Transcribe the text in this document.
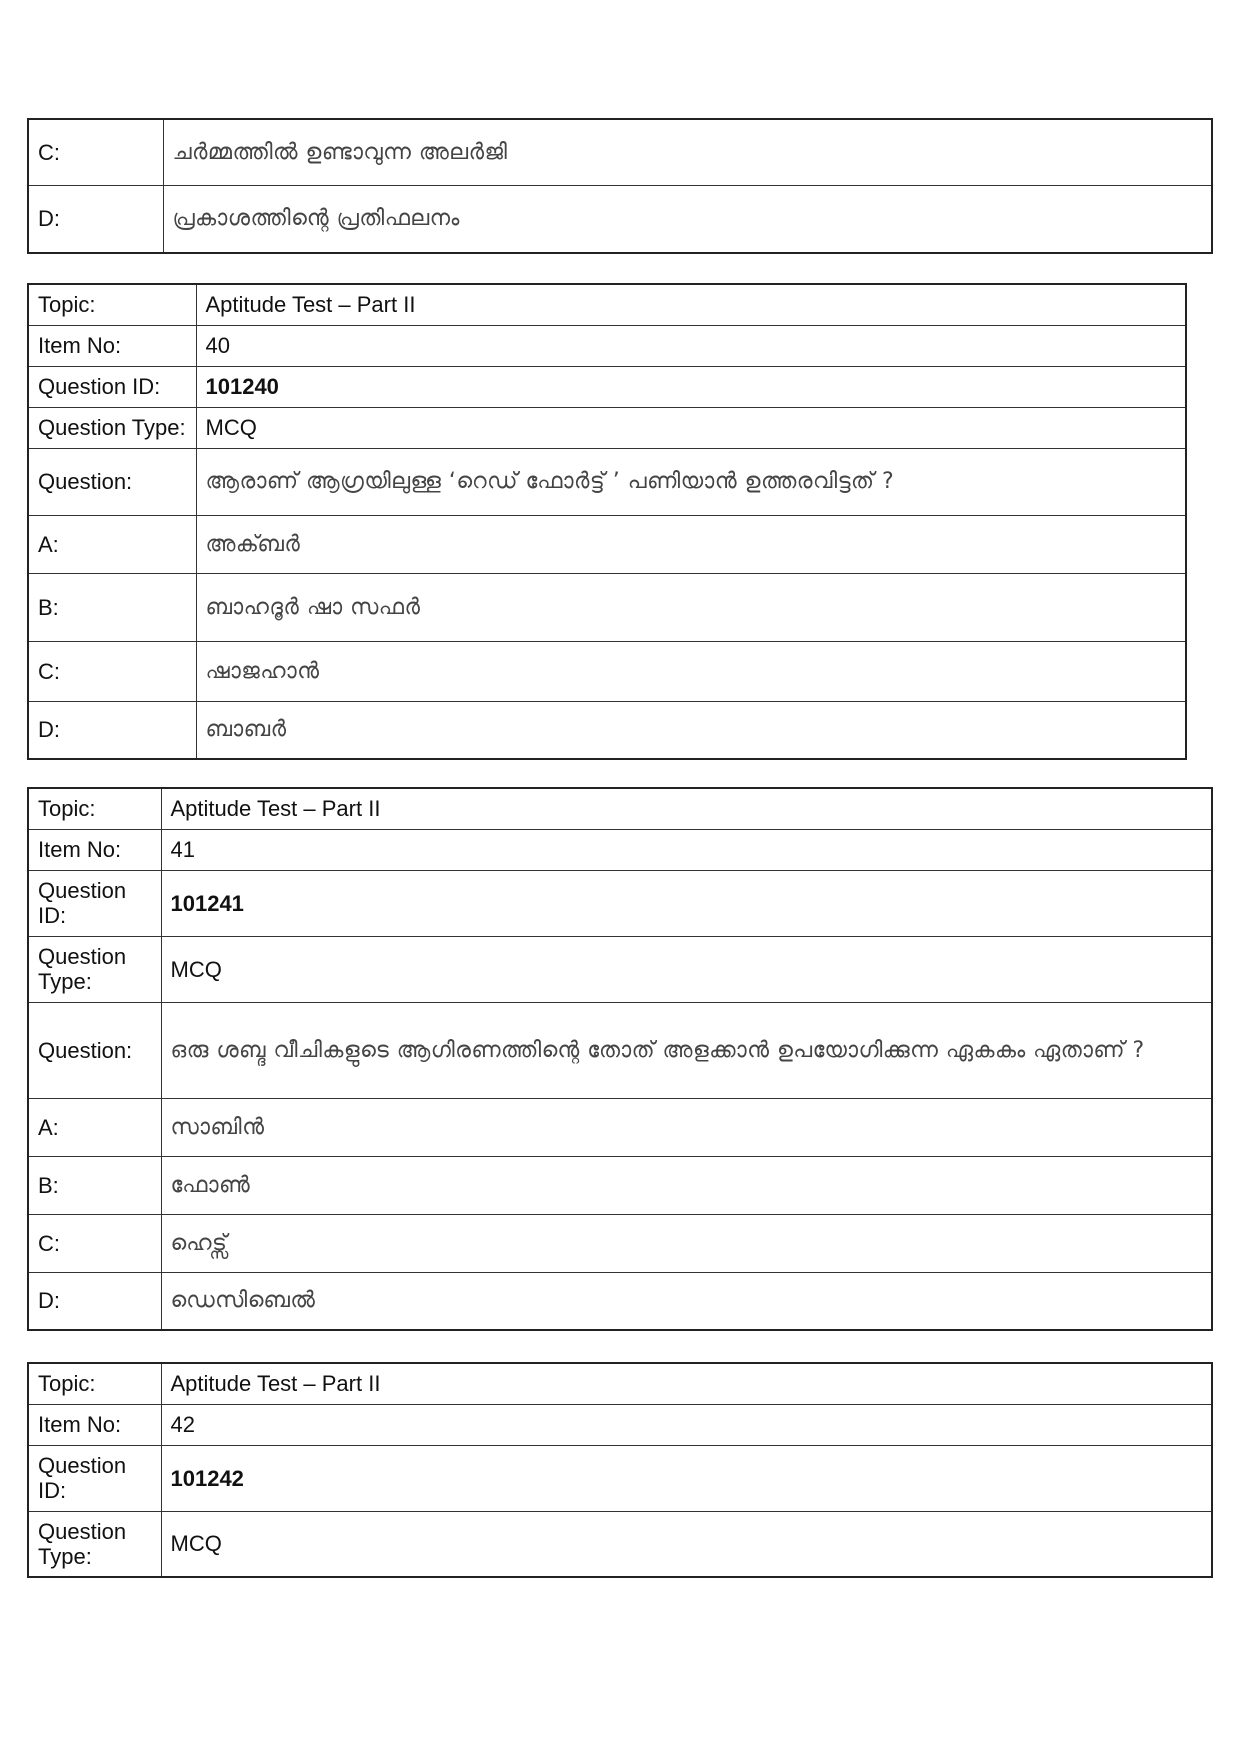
C:	ചർമ്മത്തിൽ ഉണ്ടാവുന്ന അലർജി
D:	പ്രകാശത്തിന്റെ പ്രതിഫലനം
Topic:	Aptitude Test – Part II
Item No:	40
Question ID:	101240
Question Type:	MCQ
Question:	ആരാണ് ആഗ്രയിലുള്ള ‘റെഡ് ഫോർട്ട് ’ പണിയാൻ ഉത്തരവിട്ടത് ?
A:	അക്ബർ
B:	ബാഹദൂർ ഷാ സഫർ
C:	ഷാജഹാൻ
D:	ബാബർ
Topic:	Aptitude Test – Part II
Item No:	41
Question ID:	101241
Question Type:	MCQ
Question:	ഒരു ശബ്ദ വീചികളുടെ ആഗിരണത്തിന്റെ തോത് അളക്കാൻ ഉപയോഗിക്കുന്ന ഏകകം ഏതാണ് ?
A:	സാബിൻ
B:	ഫോൺ
C:	ഹെട്സ്
D:	ഡെസിബെൽ
Topic:	Aptitude Test – Part II
Item No:	42
Question ID:	101242
Question Type:	MCQ
